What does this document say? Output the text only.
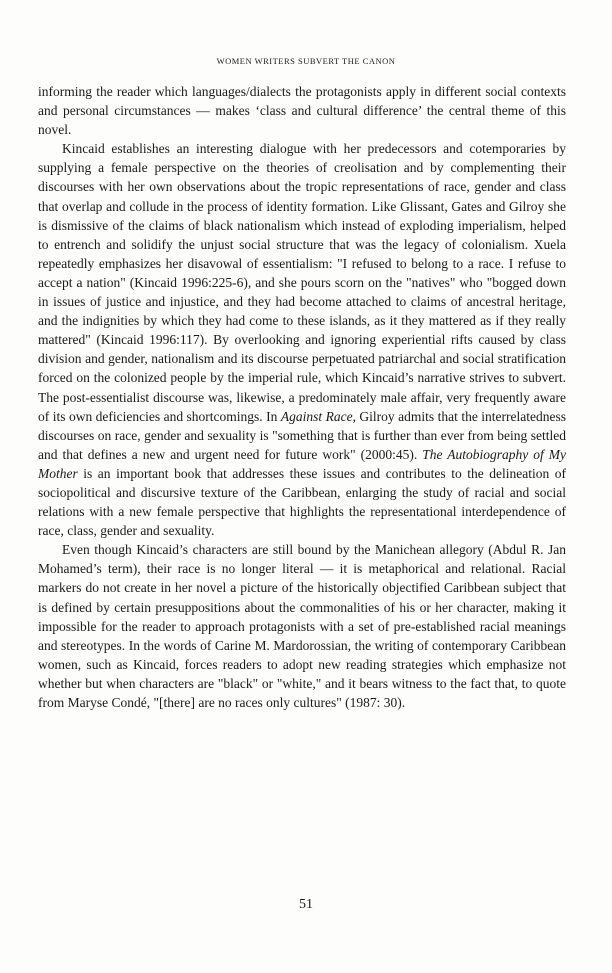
WOMEN WRITERS SUBVERT THE CANON

informing the reader which languages/dialects the protagonists apply in different social contexts and personal circumstances — makes ‘class and cultural difference’ the central theme of this novel.

Kincaid establishes an interesting dialogue with her predecessors and cotemporaries by supplying a female perspective on the theories of creolisation and by complementing their discourses with her own observations about the tropic representations of race, gender and class that overlap and collude in the process of identity formation. Like Glissant, Gates and Gilroy she is dismissive of the claims of black nationalism which instead of exploding imperialism, helped to entrench and solidify the unjust social structure that was the legacy of colonialism. Xuela repeatedly emphasizes her disavowal of essentialism: "I refused to belong to a race. I refuse to accept a nation" (Kincaid 1996:225-6), and she pours scorn on the "natives" who "bogged down in issues of justice and injustice, and they had become attached to claims of ancestral heritage, and the indignities by which they had come to these islands, as it they mattered as if they really mattered" (Kincaid 1996:117). By overlooking and ignoring experiential rifts caused by class division and gender, nationalism and its discourse perpetuated patriarchal and social stratification forced on the colonized people by the imperial rule, which Kincaid’s narrative strives to subvert. The post-essentialist discourse was, likewise, a predominately male affair, very frequently aware of its own deficiencies and shortcomings. In Against Race, Gilroy admits that the interrelatedness discourses on race, gender and sexuality is "something that is further than ever from being settled and that defines a new and urgent need for future work" (2000:45). The Autobiography of My Mother is an important book that addresses these issues and contributes to the delineation of sociopolitical and discursive texture of the Caribbean, enlarging the study of racial and social relations with a new female perspective that highlights the representational interdependence of race, class, gender and sexuality.

Even though Kincaid’s characters are still bound by the Manichean allegory (Abdul R. Jan Mohamed’s term), their race is no longer literal — it is metaphorical and relational. Racial markers do not create in her novel a picture of the historically objectified Caribbean subject that is defined by certain presuppositions about the commonalities of his or her character, making it impossible for the reader to approach protagonists with a set of pre-established racial meanings and stereotypes. In the words of Carine M. Mardorossian, the writing of contemporary Caribbean women, such as Kincaid, forces readers to adopt new reading strategies which emphasize not whether but when characters are "black" or "white," and it bears witness to the fact that, to quote from Maryse Condé, "[there] are no races only cultures" (1987: 30).

51
